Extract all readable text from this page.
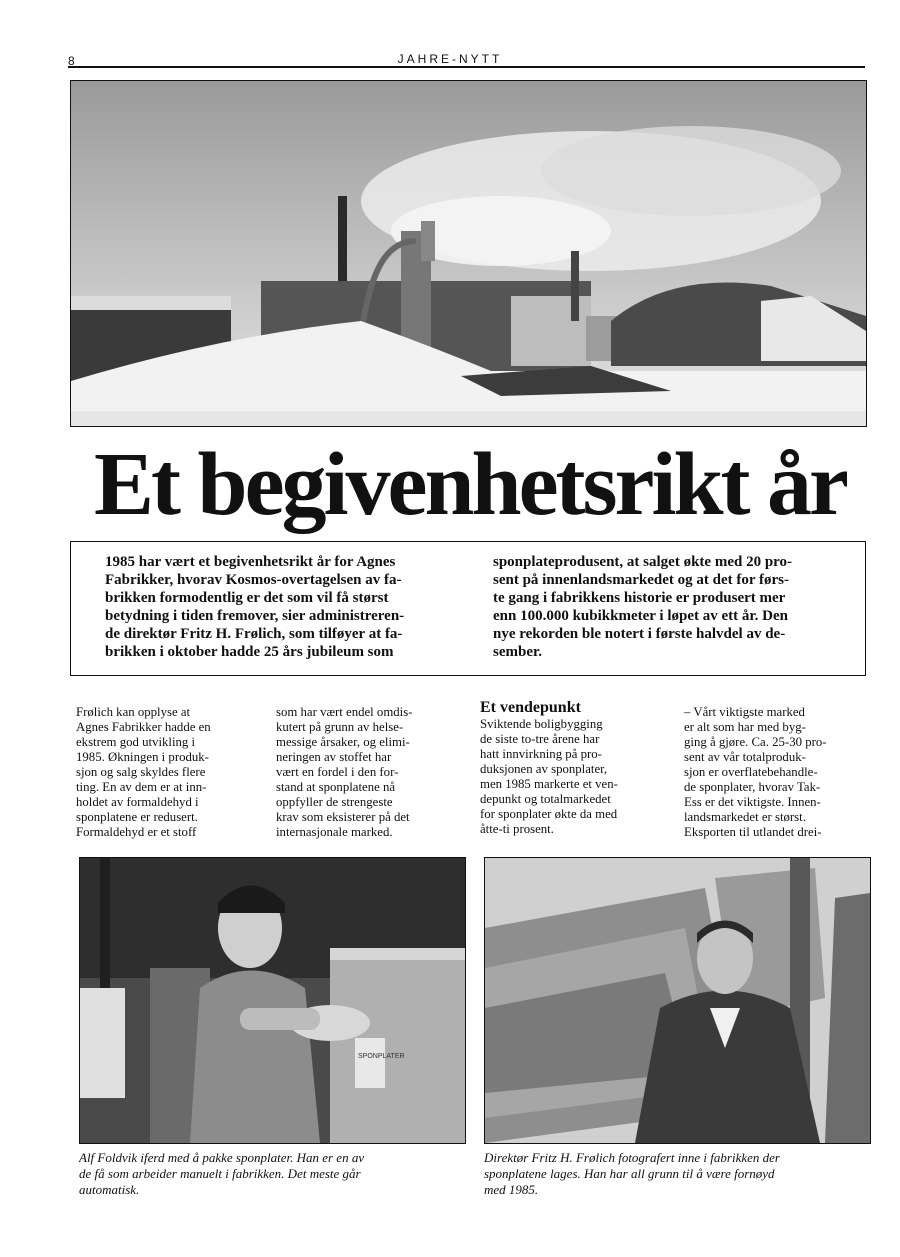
8	JAHRE-NYTT
Et begivenhetsrikt år
1985 har vært et begivenhetsrikt år for Agnes
Fabrikker, hvorav Kosmos-overtagelsen av fa-
brikken formodentlig er det som vil få størst
betydning i tiden fremover, sier administreren-
de direktør Fritz H. Frølich, som tilføyer at fa-
brikken i oktober hadde 25 års jubileum som
sponplateprodusent, at salget økte med 20 pro-
sent på innenlandsmarkedet og at det for førs-
te gang i fabrikkens historie er produsert mer
enn 100.000 kubikkmeter i løpet av ett år. Den
nye rekorden ble notert i første halvdel av de-
sember.
Frølich kan opplyse at
Agnes Fabrikker hadde en
ekstrem god utvikling i
1985. Økningen i produk-
sjon og salg skyldes flere
ting. En av dem er at inn-
holdet av formaldehyd i
sponplatene er redusert.
Formaldehyd er et stoff
som har vært endel omdis-
kutert på grunn av helse-
messige årsaker, og elimi-
neringen av stoffet har
vært en fordel i den for-
stand at sponplatene nå
oppfyller de strengeste
krav som eksisterer på det
internasjonale marked.
Et vendepunkt
Sviktende boligbygging
de siste to-tre årene har
hatt innvirkning på pro-
duksjonen av sponplater,
men 1985 markerte et ven-
depunkt og totalmarkedet
for sponplater økte da med
åtte-ti prosent.
– Vårt viktigste marked
er alt som har med byg-
ging å gjøre. Ca. 25-30 pro-
sent av vår totalproduk-
sjon er overflatebehandle-
de sponplater, hvorav Tak-
Ess er det viktigste. Innen-
landsmarkedet er størst.
Eksporten til utlandet drei-
SPONPLATER
Alf Foldvik iferd med å pakke sponplater. Han er en av
de få som arbeider manuelt i fabrikken. Det meste går
automatisk.
Direktør Fritz H. Frølich fotografert inne i fabrikken der
sponplatene lages. Han har all grunn til å være fornøyd
med 1985.
